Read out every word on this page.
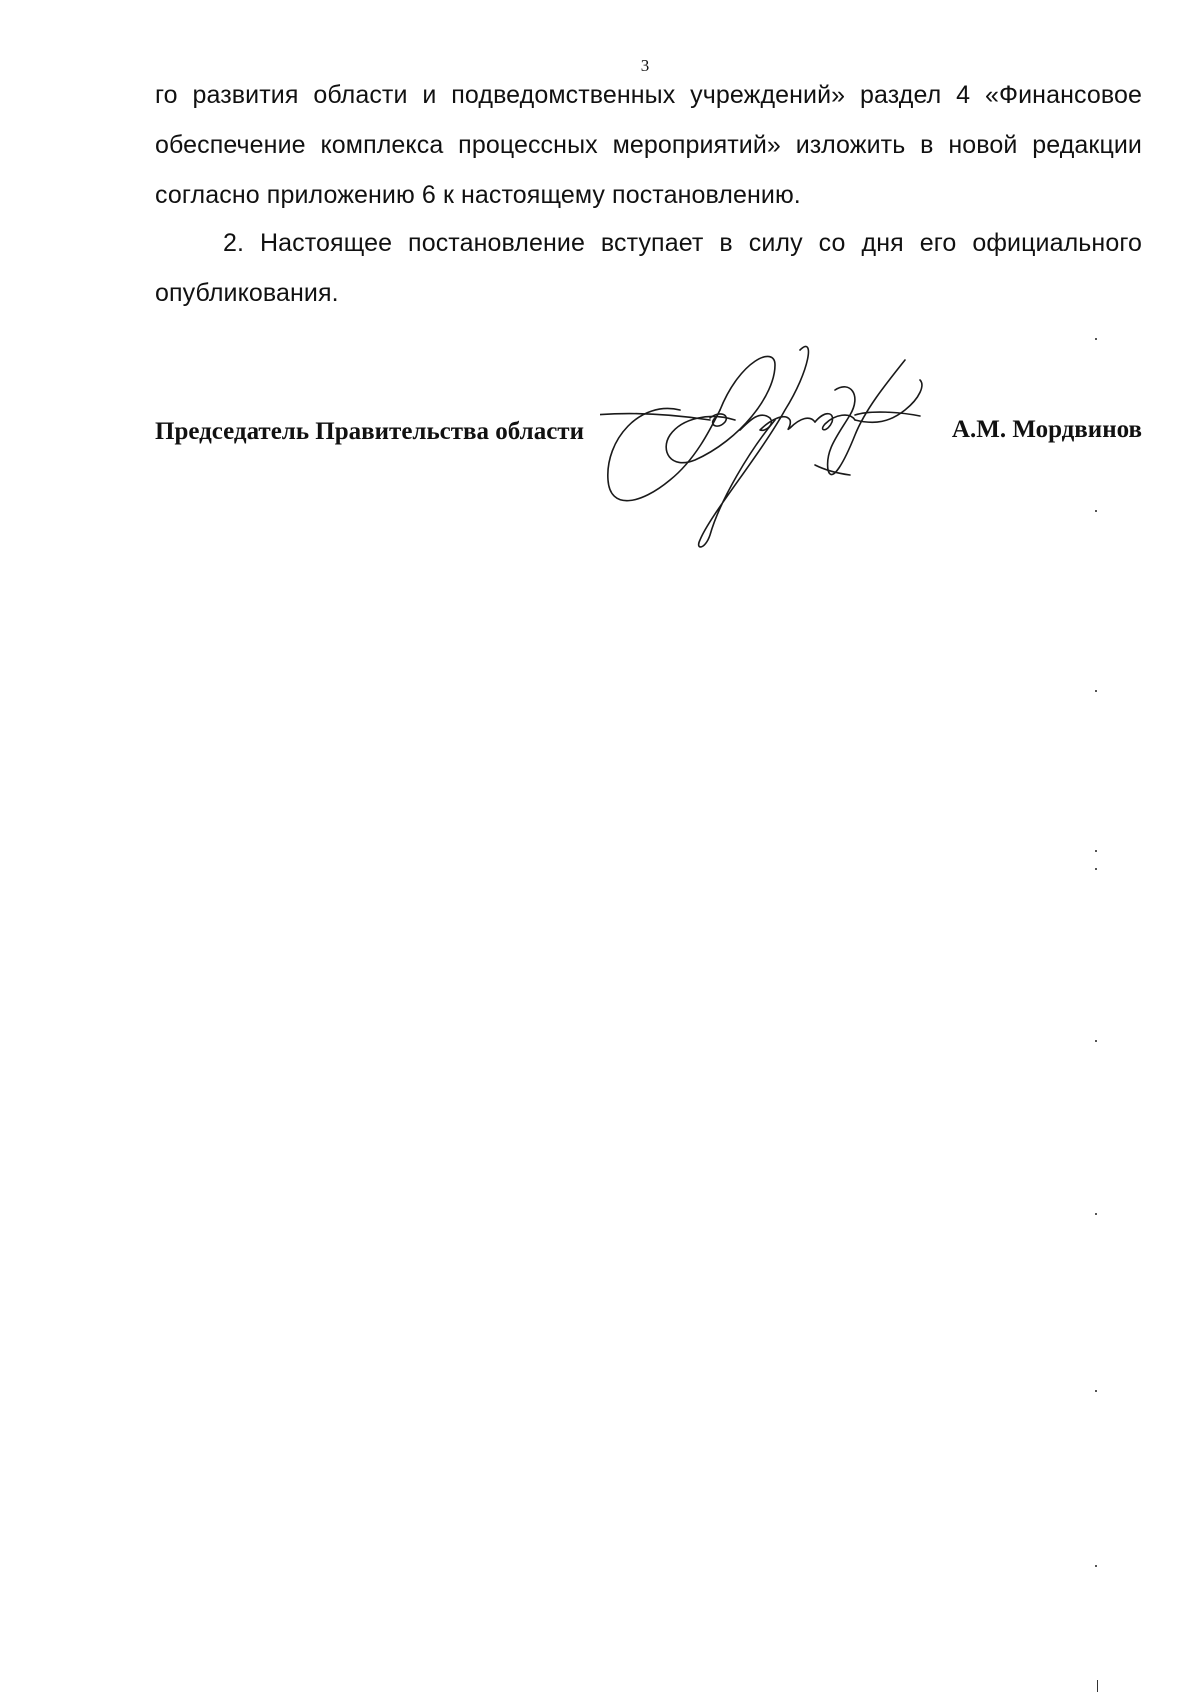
3
го развития области и подведомственных учреждений» раздел 4 «Финансовое
обеспечение комплекса процессных мероприятий» изложить в новой редакции
согласно приложению 6 к настоящему постановлению.
2. Настоящее постановление вступает в силу со дня его официального
опубликования.
Председатель Правительства области	А.М. Мордвинов
